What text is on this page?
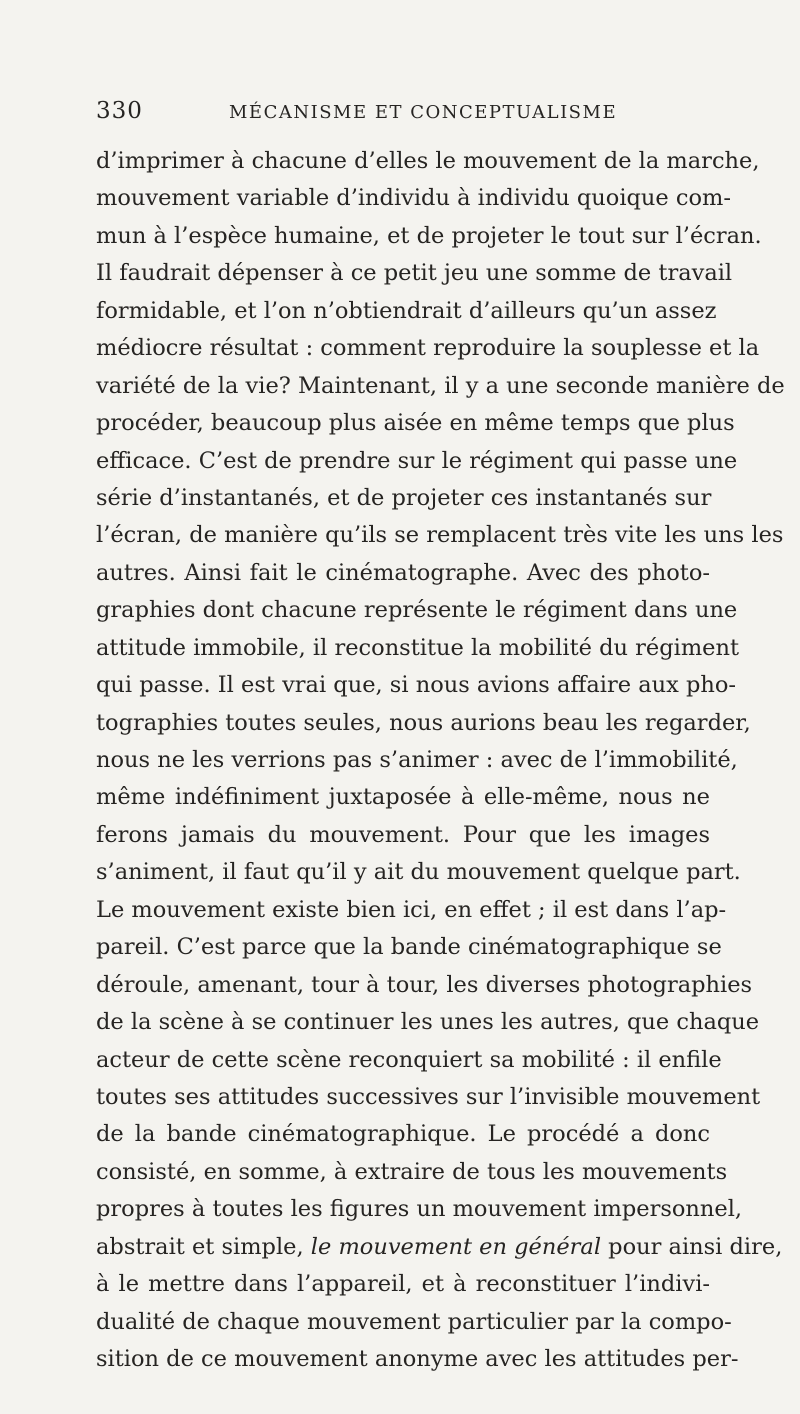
330	MÉCANISME ET CONCEPTUALISME
d’imprimer à chacune d’elles le mouvement de la marche,
mouvement variable d’individu à individu quoique com-
mun à l’espèce humaine, et de projeter le tout sur l’écran.
Il faudrait dépenser à ce petit jeu une somme de travail
formidable, et l’on n’obtiendrait d’ailleurs qu’un assez
médiocre résultat : comment reproduire la souplesse et la
variété de la vie? Maintenant, il y a une seconde manière de
procéder, beaucoup plus aisée en même temps que plus
efficace. C’est de prendre sur le régiment qui passe une
série d’instantanés, et de projeter ces instantanés sur
l’écran, de manière qu’ils se remplacent très vite les uns les
autres. Ainsi fait le cinématographe. Avec des photo-
graphies dont chacune représente le régiment dans une
attitude immobile, il reconstitue la mobilité du régiment
qui passe. Il est vrai que, si nous avions affaire aux pho-
tographies toutes seules, nous aurions beau les regarder,
nous ne les verrions pas s’animer : avec de l’immobilité,
même indéfiniment juxtaposée à elle-même, nous ne
ferons jamais du mouvement. Pour que les images
s’animent, il faut qu’il y ait du mouvement quelque part.
Le mouvement existe bien ici, en effet ; il est dans l’ap-
pareil. C’est parce que la bande cinématographique se
déroule, amenant, tour à tour, les diverses photographies
de la scène à se continuer les unes les autres, que chaque
acteur de cette scène reconquiert sa mobilité : il enfile
toutes ses attitudes successives sur l’invisible mouvement
de la bande cinématographique. Le procédé a donc
consisté, en somme, à extraire de tous les mouvements
propres à toutes les figures un mouvement impersonnel,
abstrait et simple, le mouvement en général pour ainsi dire,
à le mettre dans l’appareil, et à reconstituer l’indivi-
dualité de chaque mouvement particulier par la compo-
sition de ce mouvement anonyme avec les attitudes per-
